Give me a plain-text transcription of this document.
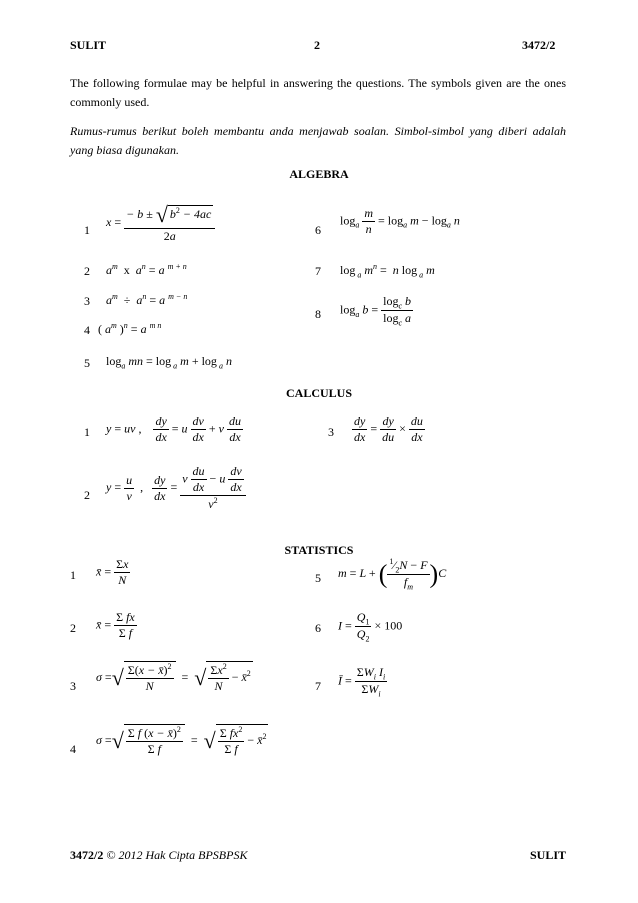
SULIT	2	3472/2
The following formulae may be helpful in answering the questions. The symbols given are the ones commonly used.
Rumus-rumus berikut boleh membantu anda menjawab soalan. Simbol-simbol yang diberi adalah yang biasa digunakan.
ALGEBRA
1
$x = \frac{- b \pm √ b^2 - 4ac}{2a}$
2 $a^m$  x  $a^n = a$ $^{m + n}$
3 $a^m \div a^n = a$ $^{m - n}$
4 ( $a^m$ )$^n$ = a $^{m n}$
5 $\log_a$ mn = log $_a$ m + log $_a$ n
6
$\log_a \frac{m}{n} = \log_a m - \log_a n$
7 log $_a$ $m^n = n$ log $_a$ m
8 $\log_a b = \frac{\log_c b}{\log_c a}$
CALCULUS
1 y = uv , $\frac{dy}{dx} = u \frac{dv}{dx} + v \frac{du}{dx}$	$3 \frac{dy}{dx} = \frac{dy}{du} \times \frac{du}{dx}$
2
$y = \frac{u}{v}$ , $\frac{dy}{dx} = \frac{v \frac{du}{dx} - u \frac{dv}{dx}}{v^2}$
STATISTICS
1 x̄ = $\frac{\Sigma x}{N}$
2 x̄ = $\frac{\text{Σ fx}}{\text{Σ f}}$
3
σ =√ $\frac{\Sigma(x - x̄)^2}{N}$ =  √ $\frac{\Sigma x^2}{N}$ − x̄$^2$
4
σ =√ $\frac{\Sigma f (x - x̄)^2}{\text{Σ f}}$ =  √ $\frac{\Sigma fx^2}{\text{Σ f}}$ − x̄$^2$
5 m = L + ( $\frac{^1⁄_2N - F}{f_m} )C$
6 $I = \frac{Q_1}{Q_2} \times 100$
7 Ī = $\frac{\Sigma W_i I_i}{\Sigma W_i}$
3472/2 © 2012 Hak Cipta BPSBPSK	SULIT
